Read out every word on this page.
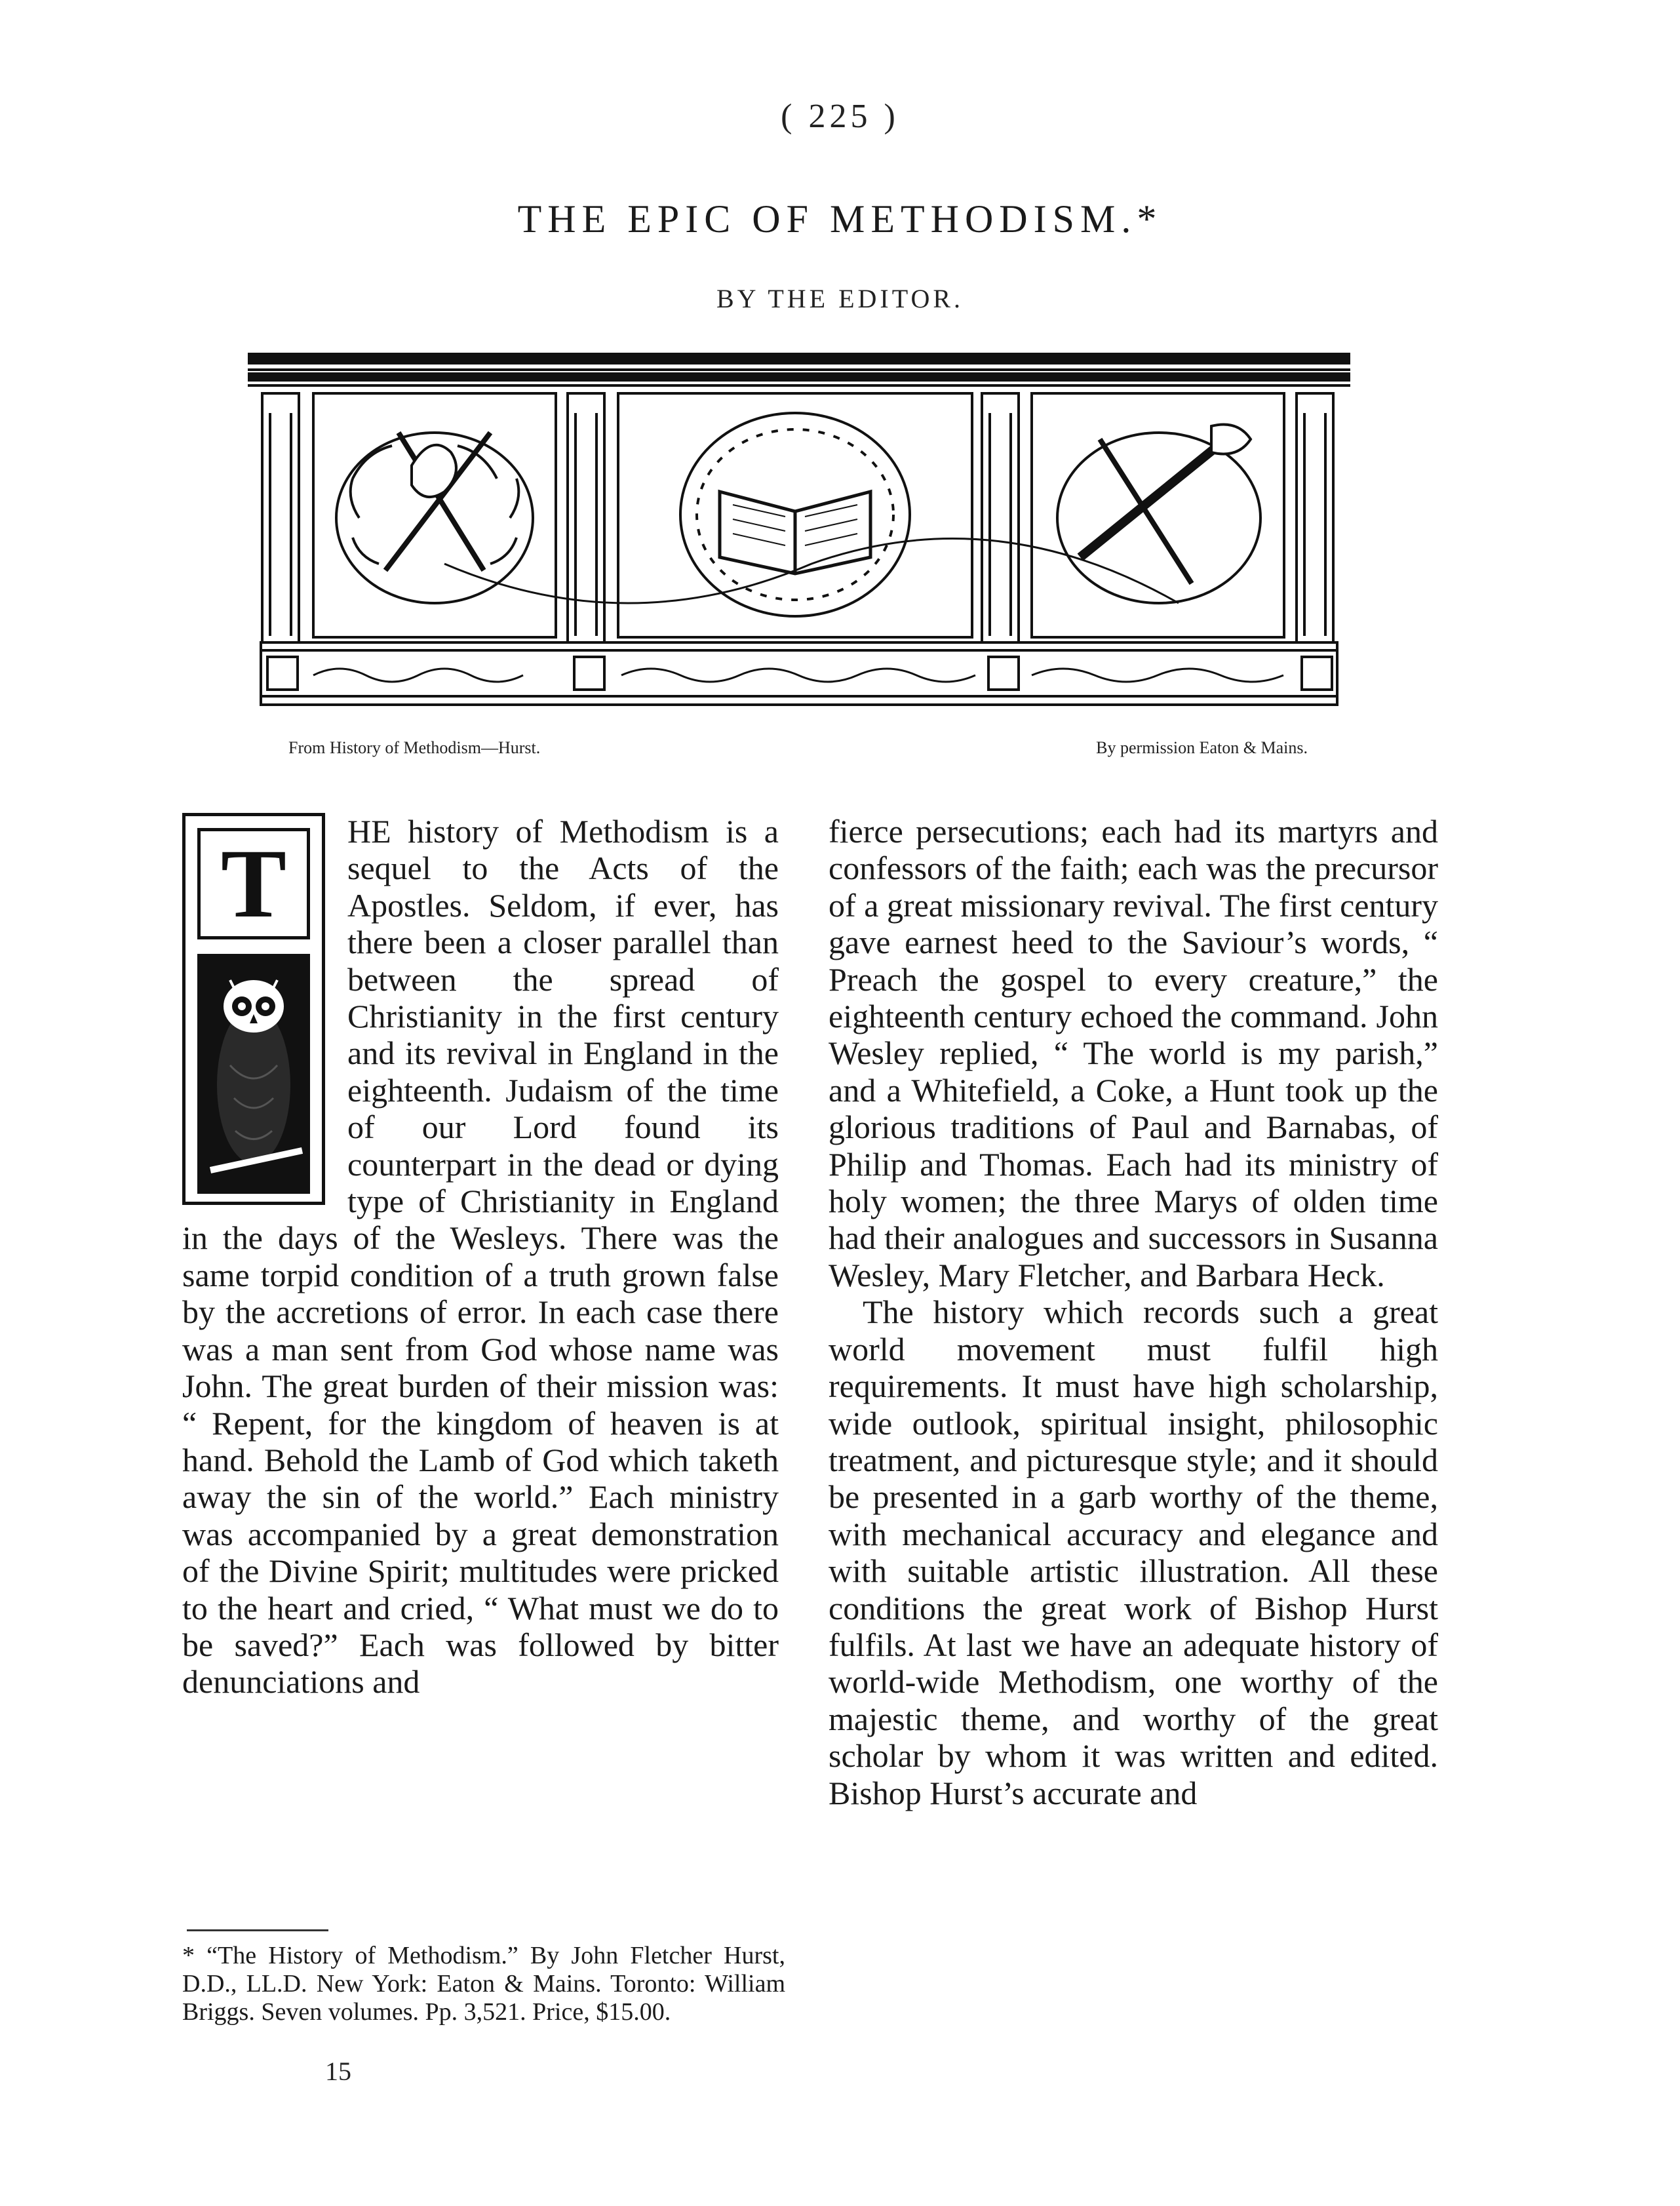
( 225 )
THE EPIC OF METHODISM.*
BY THE EDITOR.
From History of Methodism—Hurst.	By permission Eaton & Mains.
T	HE history of Methodism is a sequel to the Acts of the Apostles. Seldom, if ever, has there been a closer parallel than between the spread of Christianity in the first century and its revival in England in the eighteenth. Judaism of the time of our Lord found its counterpart in the dead or dying type of Christianity in England in the days of the Wesleys. There was the same torpid condition of a truth grown false by the accretions of error. In each case there was a man sent from God whose name was John. The great burden of their mission was: “ Repent, for the kingdom of heaven is at hand. Behold the Lamb of God which taketh away the sin of the world.” Each ministry was accompanied by a great demonstration of the Divine Spirit; multitudes were pricked to the heart and cried, “ What must we do to be saved?” Each was followed by bitter denunciations and

fierce persecutions; each had its martyrs and confessors of the faith; each was the precursor of a great missionary revival. The first century gave earnest heed to the Saviour’s words, “ Preach the gospel to every creature,” the eighteenth century echoed the command. John Wesley replied, “ The world is my parish,” and a Whitefield, a Coke, a Hunt took up the glorious traditions of Paul and Barnabas, of Philip and Thomas. Each had its ministry of holy women; the three Marys of olden time had their analogues and successors in Susanna Wesley, Mary Fletcher, and Barbara Heck.

The history which records such a great world movement must fulfil high requirements. It must have high scholarship, wide outlook, spiritual insight, philosophic treatment, and picturesque style; and it should be presented in a garb worthy of the theme, with mechanical accuracy and elegance and with suitable artistic illustration. All these conditions the great work of Bishop Hurst fulfils. At last we have an adequate history of world-wide Methodism, one worthy of the majestic theme, and worthy of the great scholar by whom it was written and edited. Bishop Hurst’s accurate and

* “The History of Methodism.” By John Fletcher Hurst, D.D., LL.D. New York: Eaton & Mains. Toronto: William Briggs. Seven volumes. Pp. 3,521. Price, $15.00.
15
